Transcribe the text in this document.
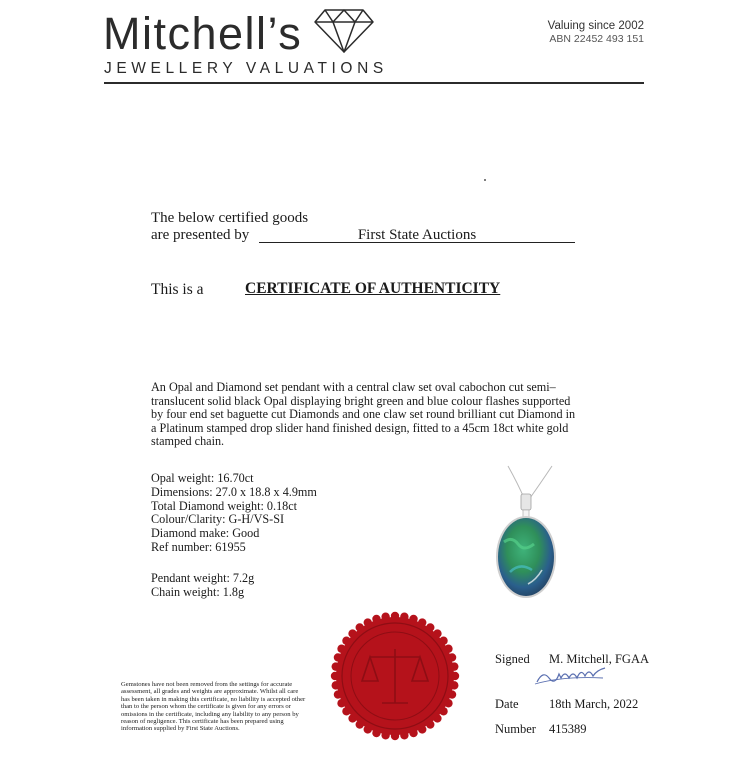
Mitchell’s
JEWELLERY VALUATIONS
Valuing since 2002
ABN 22452 493 151
The below certified goods
are presented by	First State Auctions
This is a	CERTIFICATE OF AUTHENTICITY
An Opal and Diamond set pendant with a central claw set oval cabochon cut semi–translucent solid black Opal displaying bright green and blue colour flashes supported by four end set baguette cut Diamonds and one claw set round brilliant cut Diamond in a Platinum stamped drop slider hand finished design, fitted to a 45cm 18ct white gold stamped chain.
Opal weight: 16.70ct
Dimensions: 27.0 x 18.8 x 4.9mm
Total Diamond weight: 0.18ct
Colour/Clarity: G-H/VS-SI
Diamond make: Good
Ref number: 61955
Pendant weight: 7.2g
Chain weight: 1.8g
Gemstones have not been removed from the settings for accurate assessment, all grades and weights are approximate. Whilst all care has been taken in making this certificate, no liability is accepted other than to the person whom the certificate is given for any errors or omissions in the certificate, including any liability to any person by reason of negligence. This certificate has been prepared using information supplied by First State Auctions.
Signed M. Mitchell, FGAA
Date 18th March, 2022
Number 415389
